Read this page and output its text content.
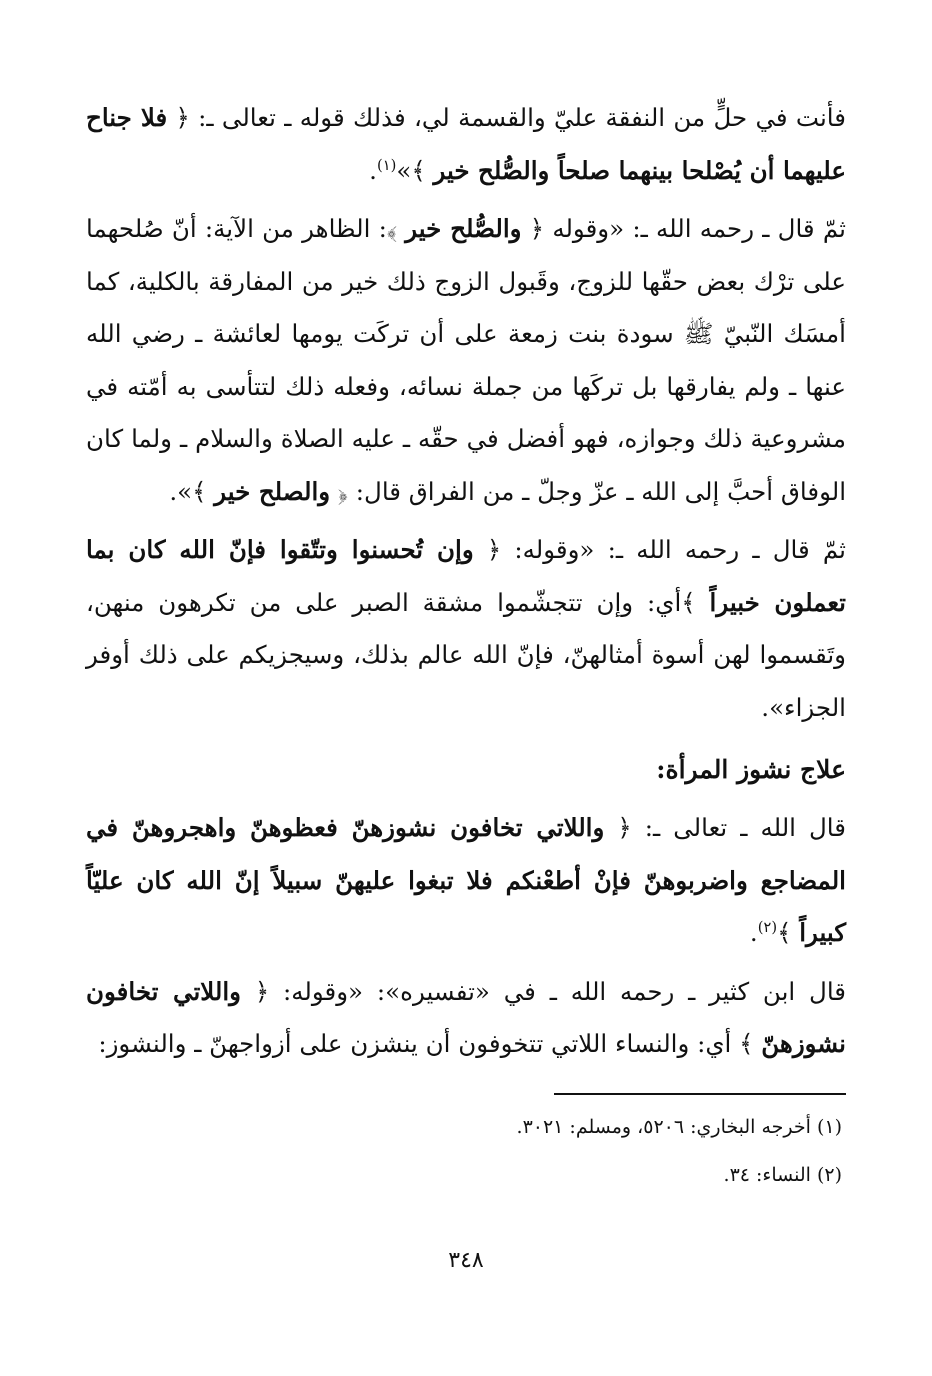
فأنت في حلٍّ من النفقة عليّ والقسمة لي، فذلك قوله ـ تعالى ـ: ﴿ فلا جناح عليهما أن يُصْلحا بينهما صلحاً والصُّلح خير ﴾»$^{(١)}$.

ثمّ قال ـ رحمه الله ـ: «وقوله ﴿ والصُّلح خير ﴾: الظاهر من الآية: أنّ صُلحهما على ترْك بعض حقّها للزوج، وقَبول الزوج ذلك خير من المفارقة بالكلية، كما أمسَك النّبيّ ﷺ سودة بنت زمعة على أن تركَت يومها لعائشة ـ رضي الله عنها ـ ولم يفارقها بل تركَها من جملة نسائه، وفعله ذلك لتتأسى به أمّته في مشروعية ذلك وجوازه، فهو أفضل في حقّه ـ عليه الصلاة والسلام ـ ولما كان الوفاق أحبَّ إلى الله ـ عزّ وجلّ ـ من الفراق قال: ﴿ والصلح خير ﴾».

ثمّ قال ـ رحمه الله ـ: «وقوله: ﴿ وإن تُحسنوا وتتّقوا فإنّ الله كان بما تعملون خبيراً ﴾أي: وإن تتجشّموا مشقة الصبر على من تكرهون منهن، وتَقسموا لهن أسوة أمثالهنّ، فإنّ الله عالم بذلك، وسيجزيكم على ذلك أوفر الجزاء».

علاج نشوز المرأة:

قال الله ـ تعالى ـ: ﴿ واللاتي تخافون نشوزهنّ فعظوهنّ واهجروهنّ في المضاجع واضربوهنّ فإنْ أطعْنكم فلا تبغوا عليهنّ سبيلاً إنّ الله كان عليّاً كبيراً ﴾$^{(٢)}$.

قال ابن كثير ـ رحمه الله ـ في «تفسيره»: «وقوله: ﴿ واللاتي تخافون نشوزهنّ ﴾ أي: والنساء اللاتي تتخوفون أن ينشزن على أزواجهنّ ـ والنشوز:

(١) أخرجه البخاري: ٥٢٠٦، ومسلم: ٣٠٢١.
(٢) النساء: ٣٤.
٣٤٨
